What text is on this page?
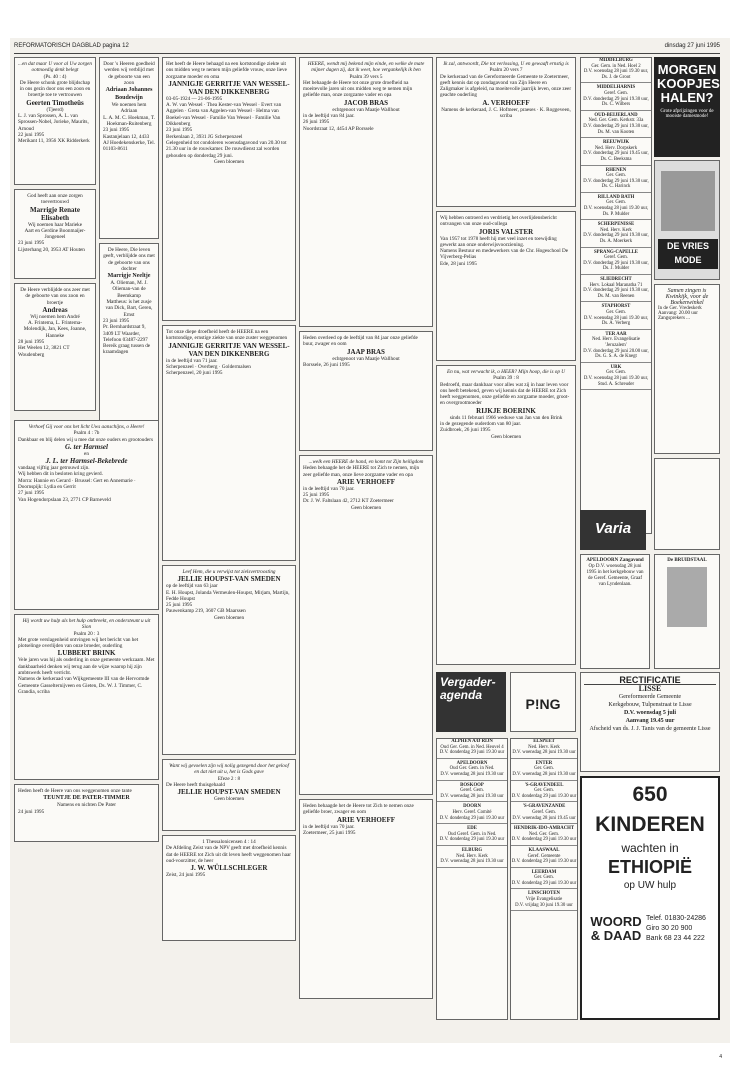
REFORMATORISCH DAGBLAD pagina 12	dinsdag 27 juni 1995
...en dat maar U voor al Uw zorgen ootmoedig denk belegt
(Ps. 40 : 4)
De Heere schonk grote blijdschap in ons gezin door ons een zoon en broertje toe te vertrouwen
Geerten Timotheüs
(Tjeerd)
L. J. van Sprossen, A. L. van Sprossen-Nobel, Jorieke, Maurits, Arnoud
22 juni 1995
Merikant 11, 3956 XK Ridderkerk
God heeft aan onze zorgen toevertrouwd
Marrigje Renate Elisabeth
Wij noemen haar Marieke
Aart en Gerdine Boonmaijer-Jongeneel
23 juni 1995
Lijsterhang 20, 3953 AT Houten
De Heere verblijdde ons zeer met de geboorte van ons zoon en broertje
Andreas
Wij noemen hem André
A. Frintema, L. Frintema-Molendijk, Jan, Kees, Joanne, Hanneke
28 juni 1995
Het Weelen 12, 3821 CT Woudenberg
Door 's Heeren goedheid werden wij verblijd met de geboorte van een zoon
Adriaan Johannes Boudewijn
We noemen hem Adriaan
L. A. M. C. Hoekman, T. Hoekman-Ruitenberg
23 juni 1995
Kastanjelaan 12, 4433 AJ Hoedekenskerke, Tel. 01103-8611
De Heere, Die leven geeft, verblijdde ons met de geboorte van ons dochter
Marrigje Neeltje
A. Olieman, M. J. Olieman-van de Beemkamp
Mattheus: is het zusje van Dick, Bart, Geren, Ernst
23 juni 1995
Pr. Bernhardstraat 9, 3409 LT Waarder, Telefoon 03487-2297
Bereik graag tussen de kraamdagen
Verhoef Gij voor ons het licht Uws aanschijns, o Heere!
Psalm 4 : 7b
Dankbaar en blij delen wij u mee dat onze ouders en grootouders
G. ter Harmsel
en
J. L. ter Harmsel-Bekebrede
vandaag vijftig jaar getrouwd zijn.
Wij hebben dit in besloten kring gevierd.
Morra: Hannie en Gerard · Brussel: Gert en Annemarie · Doornspijk: Lydia en Gerrit
27 juni 1995
Van Hogendorpslaan 23, 2771 CP Barneveld
Hij wordt uw hulp als het hulp ontbreekt, en ondersteunt u uit Sion
Psalm 20 : 3
Met grote verslagenheid ontvingen wij het bericht van het plotselinge overlijden van onze broeder, ouderling
LUBBERT BRINK
Vele jaren was hij als ouderling in onze gemeente werkzaam. Met dankbaarheid denken wij terug aan de wijze waarop hij zijn ambtswerk heeft verricht.
Namens de kerkeraad van Wijkgemeente III van de Hervormde Gemeente Gasselternijveen en Gieten, Ds. W. J. Timmer, C. Grandia, scriba
Heden heeft de Heere van ons weggenomen onze tante
TEUNTJE DE PATER-TIMMER
Namens en nichten De Pater
24 juni 1995
Het heeft de Heere behaagd na een kortstondige ziekte uit ons midden weg te nemen mijn geliefde vrouw, onze lieve zorgzame moeder en oma
JANNIGJE GERRITJE VAN WESSEL-VAN DEN DIKKENBERG
03-05-1924 — 21-06-1995
A. W. van Wessel · Thea Kester-van Wessel · Evert van Aggelen · Greta van Aggelen-van Wessel · Helma van Boekel-van Wessel · Familie Van Wessel · Familie Van Dikkenberg
23 juni 1995
Berkenlaan 2, 3931 JG Scherpenzeel
Gelegenheid tot condoleren woensdagavond van 20.30 tot 21.30 uur in de rouwkamer. De rouwdienst zal worden gehouden op donderdag 29 juni.
Geen bloemen
Tot onze diepe droefheid heeft de HEERE na een kortstondige, ernstige ziekte van onze zuster weggenomen
JANNIGJE GERRITJE VAN WESSEL-VAN DEN DIKKENBERG
in de leeftijd van 71 jaar.
Scherpenzeel · Overberg · Goldermalsen
Scherpenzeel, 20 juni 1995
Leef Hem, die u verwijst tot zielsvertroosting
JELLIE HOUPST-VAN SMEDEN
op de leeftijd van 63 jaar
E. H. Houpst, Jolanda Vermeulen-Houpst, Mirjam, Martijn, Fedde Houpst
25 juni 1995
Pauwenkamp 219, 3607 GB Maarssen
Geen bloemen
Want wij gevoelen zijn wij nolig gezegend door het geloof en dat niet uit u, het is Gods gave
Efeze 2 : 8
De Heere heeft thuisgehaald
JELLIE HOUPST-VAN SMEDEN
Geen bloemen
1 Thessalonicensen 4 : 14
De Afdeling Zeist van de NPV geeft met droefheid kennis dat de HEERE tot Zich uit dit leven heeft weggenomen haar oud-voorzitter, de heer
J. W. WÜLLSCHLEGER
Zeist, 24 juni 1995
HEERE, wendt mij bekend mijn einde, en welke de mate mijner dagen zij, dat ik weet, hoe vergankelijk ik ben
Psalm 39 vers 5
Het behaagde de Heere tot onze grote droefheid na moeitevolle jaren uit ons midden weg te nemen mijn geliefde man, onze zorgzame vader en opa
JACOB BRAS
echtgenoot van Maatje Wallhout
in de leeftijd van 84 jaar.
26 juni 1995
Noordstraat 12, 4454 AP Borssele
Heden overleed op de leeftijd van 84 jaar onze geliefde buur, zwager en oom
JAAP BRAS
echtgenoot van Maatje Wallhout
Borssele, 26 juni 1995
...welk een HEERE de hand, en komt tot Zijn heiligdom
Heden behaagde het de HEERE tot Zich te nemen, mijn zeer geliefde man, onze lieve zorgzame vader en opa
ARIE VERHOEFF
in de leeftijd van 70 jaar.
25 juni 1995
Dr. J. W. Faltslaan 42, 2712 KT Zoetermeer
Geen bloemen
Heden behaagde het de Heere tot Zich te nemen onze geliefde broer, zwager en oom
ARIE VERHOEFF
in de leeftijd van 70 jaar.
Zoetermeer, 25 juni 1995
Ik zal, antwoordt, Die tot verlossing, U en gewaaft ernstig is
Psalm 20 vers 7
De kerkeraad van de Gereformeerde Gemeente te Zoetermeer, geeft kennis dat op zondagavond van Zijn Heere en Zaligmaker is afgeleid, na moeitevolle jaarrijk leven, onze zeer geachte ouderling
A. VERHOEFF
Namens de kerkeraad, J. C. Hofmeer, praeses · K. Roggeveen, scriba
Wij hebben ontroerd en verdrietig het overlijdensbericht ontvangen van onze oud-collega
JORIS VALSTER
Van 1957 tot 1978 heeft hij met veel inzet en toewijding gewerkt aan onze onderwijsvoorziening.
Namens Bestuur en medewerkers van de Chr. Hogeschool De Vijverberg-Pelias
Ede, 28 juni 1995
En nu, wat verwacht ik, o HEER? Mijn hoop, die is op U
Psalm 39 : 8
Bedroefd, maar dankbaar voor alles wat zij in haar leven voor ons heeft betekend, geven wij kennis dat de HEERE tot Zich heeft weggenomen, onze geliefde en zorgzame moeder, groot- en overgrootmoeder
RIJKJE BOERINK
sinds 11 februari 1966 weduwe van Jan van den Brink
in de gezegende ouderdom van 80 jaar.
Zuidbroek, 26 juni 1995
Geen bloemen
Vergader-agenda
ALPHEN A/D RIJN
Oud Ger. Gem. in Ned. Heuvel 4
D.V. donderdag 29 juni 19.30 uur
APELDOORN
Oud Ger. Gem. in Ned.
D.V. woensdag 28 juni 19.30 uur
BOSKOOP
Geref. Gem.
D.V. woensdag 28 juni 19.30 uur
DOORN
Herv. Geref. Comité
D.V. donderdag 29 juni 19.30 uur
EDE
Oud Geref. Gem. in Ned.
D.V. donderdag 29 juni 19.30 uur
ELBURG
Ned. Herv. Kerk
D.V. woensdag 28 juni 19.30 uur
P!NG
ELSPEET
Ned. Herv. Kerk
D.V. woensdag 28 juni 19.30 uur
ENTER
Ger. Gem.
D.V. woensdag 28 juni 19.30 uur
'S-GRAVENDEEL
Ger. Gem.
D.V. donderdag 29 juni 19.30 uur
'S-GRAVENZANDE
Geref. Gem.
D.V. woensdag 28 juni 19.45 uur
HENDRIK-IDO-AMBACHT
Ned. Ger. Gem.
D.V. donderdag 29 juni 19.30 uur
KLAASWAAL
Geref. Gemeente
D.V. donderdag 29 juni 19.30 uur
LEERDAM
Ger. Gem.
D.V. donderdag 29 juni 19.30 uur
LINSCHOTEN
Vrije Evangelisatie
D.V. vrijdag 30 juni 19.30 uur
MIDDELBURG
Ger. Gem. in Ned. Hoel 2
D.V. woensdag 28 juni 19.30 uur, Ds. J. de Groot
MIDDELHARNIS
Geref. Gem.
D.V. donderdag 29 juni 19.30 uur, Ds. C. Wilbers
OUD-BEIJERLAND
Ned. Ger. Gem. Kerkstr. 33a
D.V. donderdag 29 juni 19.30 uur, Ds. M. van Kooten
REEUWIJK
Ned. Herv. Dorpskerk
D.V. donderdag 29 juni 19.45 uur, Ds. C. Beeksma
RHENEN
Ger. Gem.
D.V. donderdag 29 juni 19.30 uur, Ds. C. Harinck
RILLAND BATH
Ger. Gem.
D.V. woensdag 28 juni 19.30 uur, Ds. P. Mulder
SCHERPENISSE
Ned. Herv. Kerk
D.V. donderdag 29 juni 19.30 uur, Ds. A. Moerkerk
SPRANG-CAPELLE
Geref. Gem.
D.V. donderdag 29 juni 19.30 uur, Ds. J. Mulder
SLIEDRECHT
Herv. Lokaal Maranatha 71
D.V. donderdag 29 juni 19.30 uur, Ds. M. van Reenen
STAPHORST
Ger. Gem.
D.V. woensdag 28 juni 19.30 uur, Ds. A. Verberg
TER AAR
Ned. Herv. Evangelisatie 'Jeruzalem'
D.V. donderdag 29 juni 20.00 uur, Ds. G. S. A. de Knegt
URK
Ger. Gem.
D.V. woensdag 28 juni 19.30 uur, Stud. A. Schreuder
MORGEN KOOPJES HALEN?
Grote afprijzingen voor de mooiste damesmode!
DE VRIES MODE
Samen zingen is Kwinkijk, voor de Boekenwinkel
In de Ger. Vredeskerk
Aanvang: 20.00 uur
Zangsprekers ...
Varia
APELDOORN Zangavond
Op D.V. woensdag 28 juni 1995 in het kerkgebouw van de Geref. Gemeente, Graaf van Lyndenlaan.
De BRUIDSTAAL
RECTIFICATIE
LISSE
Gereformeerde Gemeente
Kerkgebouw, Tulpenstraat te Lisse
D.V. woensdag 5 juli
Aanvang 19.45 uur
Afscheid van ds. J. J. Tanis van de gemeente Lisse
650 KINDEREN
wachten in
ETHIOPIË
op UW hulp
WOORD & DAAD
Telef. 01830-24286
Giro 30 20 900
Bank 68 23 44 222
4
